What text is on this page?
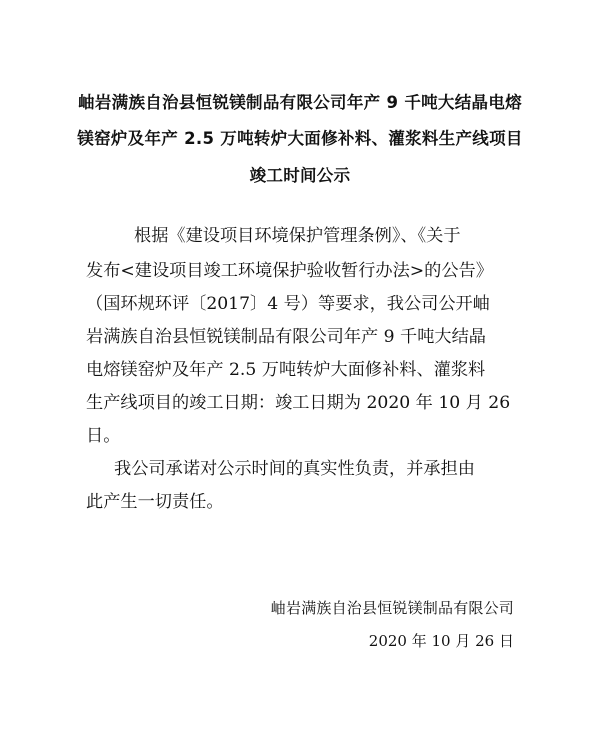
岫岩满族自治县恒锐镁制品有限公司年产 9 千吨大结晶电熔
镁窑炉及年产 2.5 万吨转炉大面修补料、灌浆料生产线项目
竣工时间公示
根据《建设项目环境保护管理条例》、《关于
发布<建设项目竣工环境保护验收暂行办法>的公告》
（国环规环评〔2017〕4 号）等要求，我公司公开岫
岩满族自治县恒锐镁制品有限公司年产 9 千吨大结晶
电熔镁窑炉及年产 2.5 万吨转炉大面修补料、灌浆料
生产线项目的竣工日期：竣工日期为 2020 年 10 月 26
日。
我公司承诺对公示时间的真实性负责，并承担由
此产生一切责任。
岫岩满族自治县恒锐镁制品有限公司
2020 年 10 月 26 日
